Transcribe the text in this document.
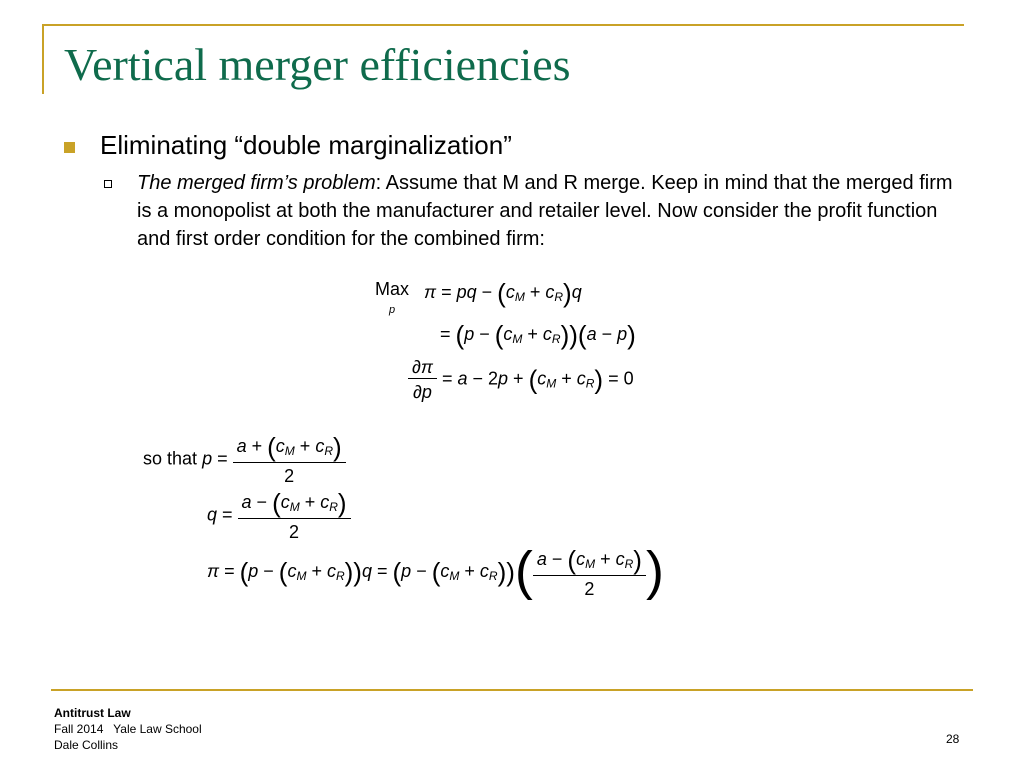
Vertical merger efficiencies
Eliminating “double marginalization”
The merged firm’s problem: Assume that M and R merge. Keep in mind that the merged firm is a monopolist at both the manufacturer and retailer level. Now consider the profit function and first order condition for the combined firm:
Max
p   π = pq − $(c_M + c_R)q$
= $(p - (c_M + c_R))(a - p)$
$\frac{\partial\pi}{\partial p} = a - 2p + (c_M + c_R) = 0$
so that $p = \frac{a + (c_M + c_R)}{2}$
$q = \frac{a - (c_M + c_R)}{2}$
$\pi = (p - (c_M + c_R))q = (p - (c_M + c_R))( \frac{a - (c_M + c_R)}{2}$ )
Antitrust Law
Fall 2014   Yale Law School
Dale Collins	28
